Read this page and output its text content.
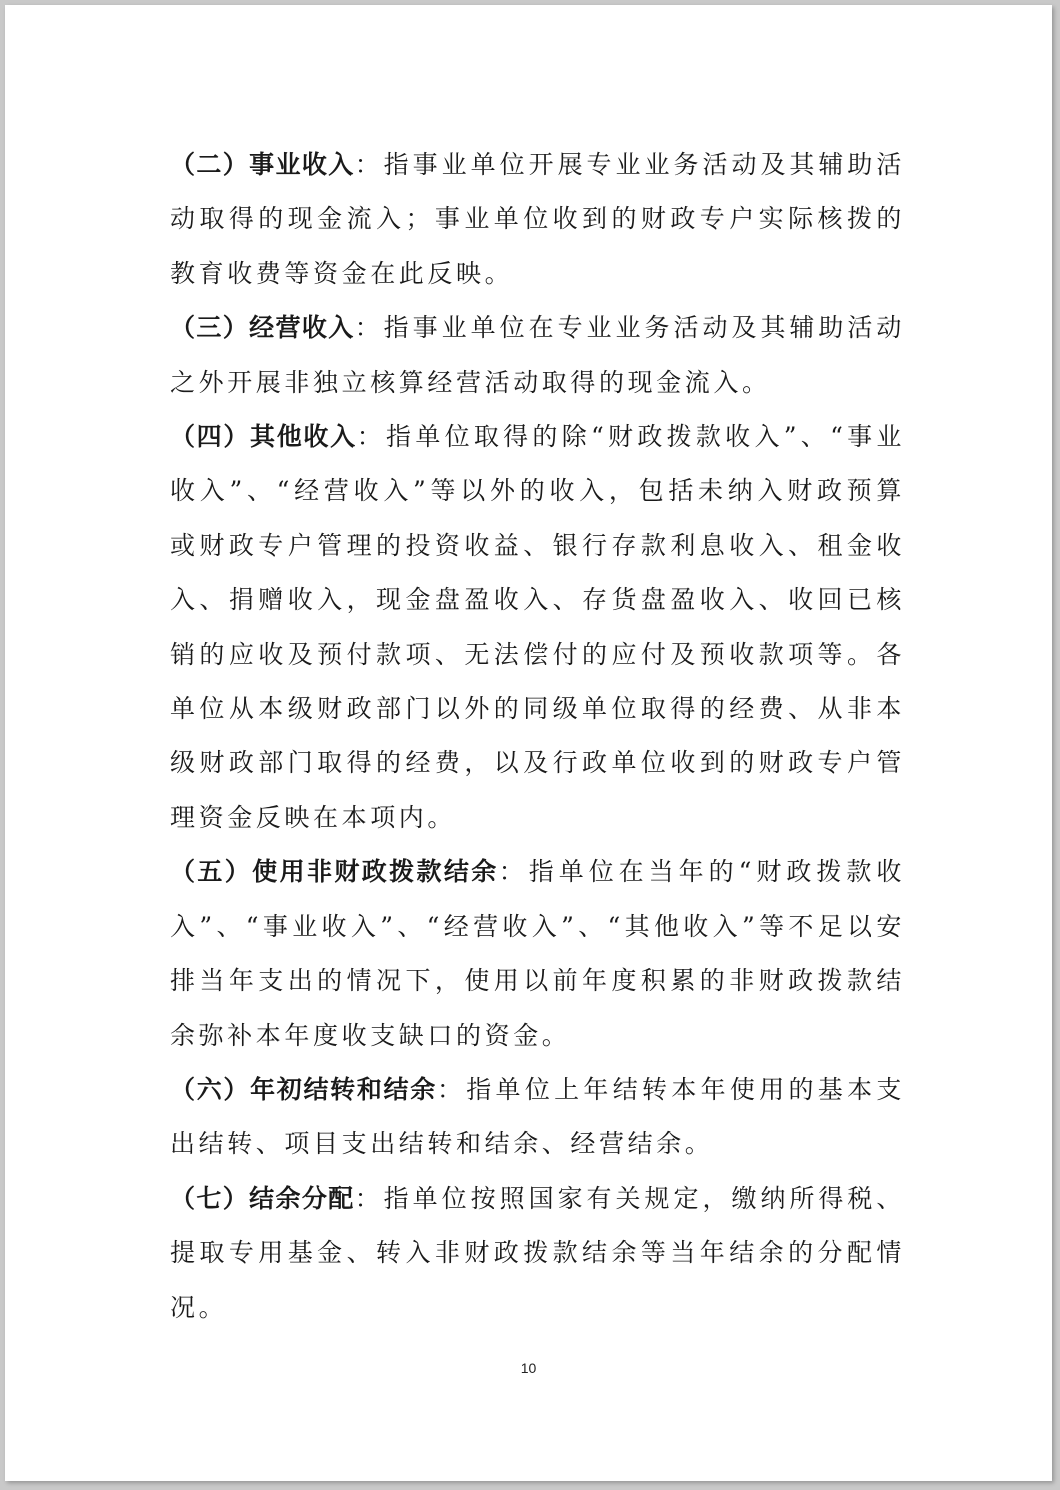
（二）事业收入：指事业单位开展专业业务活动及其辅助活动取得的现金流入；事业单位收到的财政专户实际核拨的教育收费等资金在此反映。

（三）经营收入：指事业单位在专业业务活动及其辅助活动之外开展非独立核算经营活动取得的现金流入。

（四）其他收入：指单位取得的除“财政拨款收入”、“事业收入”、“经营收入”等以外的收入，包括未纳入财政预算或财政专户管理的投资收益、银行存款利息收入、租金收入、捐赠收入，现金盘盈收入、存货盘盈收入、收回已核销的应收及预付款项、无法偿付的应付及预收款项等。各单位从本级财政部门以外的同级单位取得的经费、从非本级财政部门取得的经费，以及行政单位收到的财政专户管理资金反映在本项内。

（五）使用非财政拨款结余：指单位在当年的“财政拨款收入”、“事业收入”、“经营收入”、“其他收入”等不足以安排当年支出的情况下，使用以前年度积累的非财政拨款结余弥补本年度收支缺口的资金。

（六）年初结转和结余：指单位上年结转本年使用的基本支出结转、项目支出结转和结余、经营结余。

（七）结余分配：指单位按照国家有关规定，缴纳所得税、提取专用基金、转入非财政拨款结余等当年结余的分配情况。

10
